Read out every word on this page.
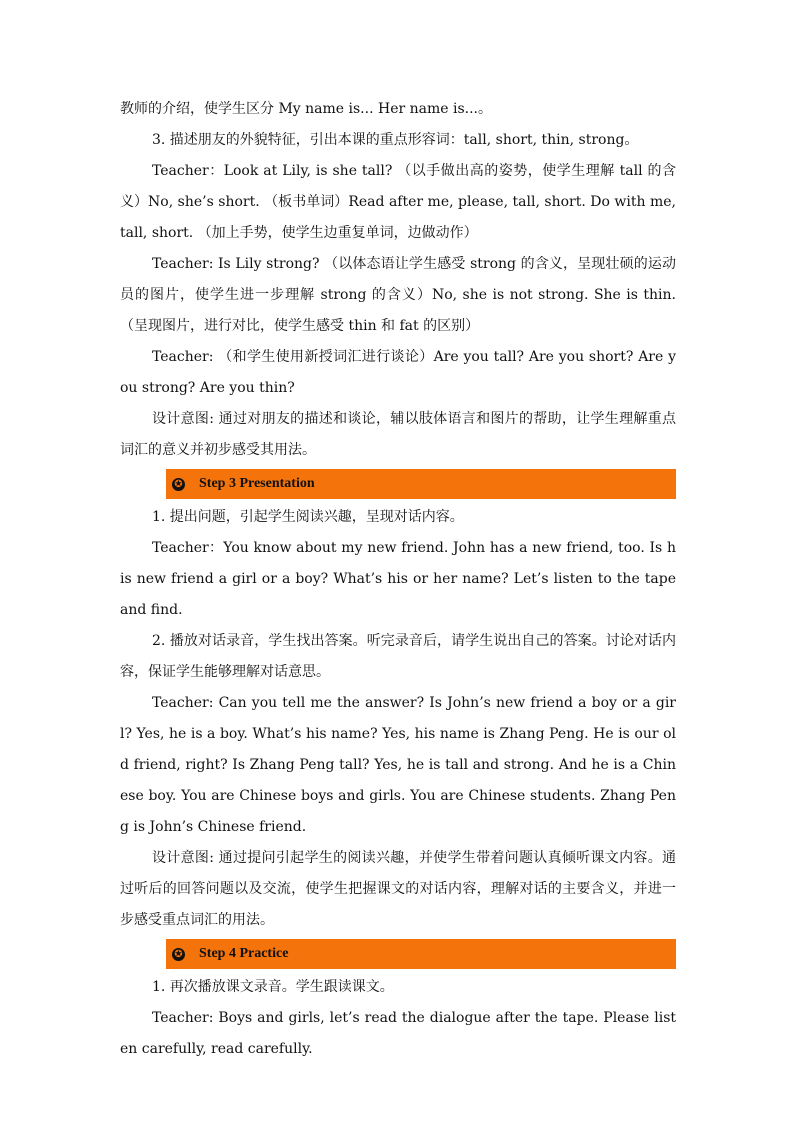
教师的介绍，使学生区分 My name is... Her name is...。

3. 描述朋友的外貌特征，引出本课的重点形容词：tall, short, thin, strong。

Teacher：Look at Lily, is she tall? （以手做出高的姿势，使学生理解 tall 的含义）No, she’s short. （板书单词）Read after me, please, tall, short. Do with me, tall, short. （加上手势，使学生边重复单词，边做动作）

Teacher: Is Lily strong? （以体态语让学生感受 strong 的含义，呈现壮硕的运动员的图片，使学生进一步理解 strong 的含义）No, she is not strong. She is thin. （呈现图片，进行对比，使学生感受 thin 和 fat 的区别）

Teacher: （和学生使用新授词汇进行谈论）Are you tall? Are you short? Are you strong? Are you thin?

设计意图: 通过对朋友的描述和谈论，辅以肢体语言和图片的帮助，让学生理解重点词汇的意义并初步感受其用法。

✪ Step 3 Presentation

1. 提出问题，引起学生阅读兴趣，呈现对话内容。

Teacher：You know about my new friend. John has a new friend, too. Is his new friend a girl or a boy? What’s his or her name? Let’s listen to the tape and find.

2. 播放对话录音，学生找出答案。听完录音后，请学生说出自己的答案。讨论对话内容，保证学生能够理解对话意思。

Teacher: Can you tell me the answer? Is John’s new friend a boy or a girl? Yes, he is a boy. What’s his name? Yes, his name is Zhang Peng. He is our old friend, right? Is Zhang Peng tall? Yes, he is tall and strong. And he is a Chinese boy. You are Chinese boys and girls. You are Chinese students. Zhang Peng is John’s Chinese friend.

设计意图: 通过提问引起学生的阅读兴趣，并使学生带着问题认真倾听课文内容。通过听后的回答问题以及交流，使学生把握课文的对话内容，理解对话的主要含义，并进一步感受重点词汇的用法。

✪ Step 4 Practice

1. 再次播放课文录音。学生跟读课文。

Teacher: Boys and girls, let’s read the dialogue after the tape. Please listen carefully, read carefully.
